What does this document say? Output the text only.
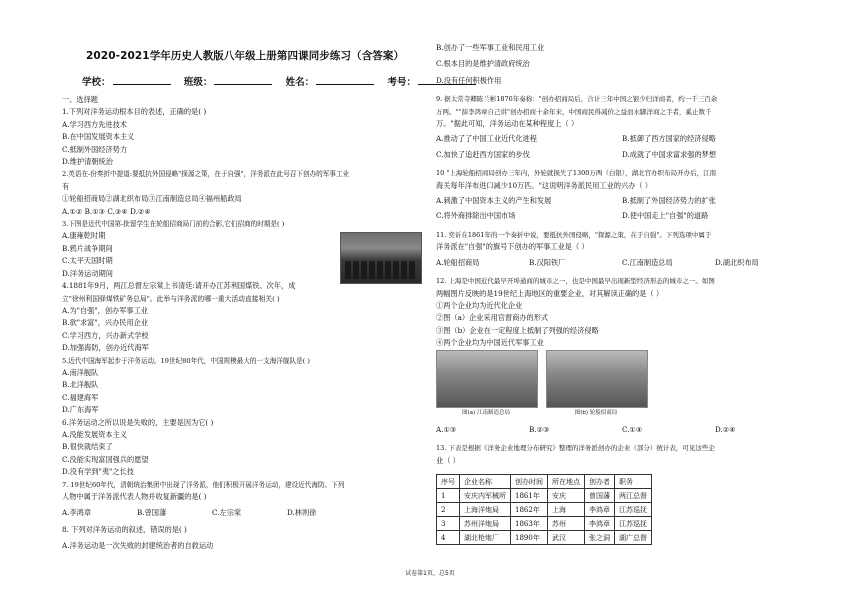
2020-2021学年历史人教版八年级上册第四课同步练习（含答案）
学校：	班级：	姓名：	考号：
一、选择题
1.下列对洋务运动根本目的表述，正确的是( )
A.学习西方先进技术
B.在中国发展资本主义
C.抵制外国经济势力
D.维护清朝统治
2.英语在-份奏折中提道:要抵抗外国侵略"探源之策，在于自强"，洋务派在此号召下创办的军事工业
有
①轮船招商局②湖北织布局③江南制造总局④福州船政局
A.①② B.①③ C.③④ D.②④
3.下图是近代中国第-批留学生在轮船招商局门前的合影,它们招商的时期是( )
A.康雍乾时期
B.鸦片战争期间
C.太平天国时期
D.洋务运动期间
4.1881年9月，两江总督左宗棠上书清廷:请开办江苏利国煤铁、次年，成
立"徐州利国驿煤铁矿务总局"。此举与洋务派的哪一重大活动直接相关( )
A.为"自强"，创办军事工业
B.欲"求富"，兴办民用企业
C.学习西方，兴办新式学校
D.加强海防，创办近代海军
5.近代中国海军起步于洋务运动。19世纪80年代，中国规模最大的一支海洋舰队是( )
A.南洋舰队
B.北洋舰队
C.福建海军
D.广东海军
6.洋务运动之所以说是失败的，主要是因为它( )
A.没能发展资本主义
B.很快就结束了
C.没能实现富国强兵的愿望
D.没有学到"夷"之长技
7. 19世纪60年代，清朝统治集团中出现了洋务派，他们积极开展洋务运动，建设近代海防。下列
人物中属于洋务派代表人物并收复新疆的是( )
A.李鸿章	B.曾国藩	C.左宗棠	D.林则徐
8. 下列对洋务运动的叙述，错误的是( )
A.洋务运动是一次失败的封建统治者的自救运动
B.创办了一些军事工业和民用工业
C.根本目的是维护清政府统治
D.没有任何积极作用
9. 据太常寺卿陈兰彬1876年奏称："创办招商局后，合计三年中国之银少归洋商者，约一千三百余
万两。""薛李鸿章自己讲"创办招商十余年来，中国商民得减价之益而水脚洋商之手者，奚止数千
万。"据此可知，洋务运动在某种程度上（ ）
A.推动了了中国工业近代化进程	B.抵御了西方国家的经济侵略
C.加快了追赶西方国家的步伐	D.成就了中国求富求强的梦想
10 "上海轮船招商局创办三年内，外轮就损失了1300万两（白银），湖北官办织布局开办后，江南
海关每年洋布进口减少10万匹。"这说明洋务派民用工业的兴办（ ）
A.刺激了中国资本主义的产生和发展	B.抵制了外国经济势力的扩张
C.将外商排除出中国市场	D.使中国走上"自强"的道路
11. 奕䜣在1861年的一个奏折中说，要抵抗外国侵略，"探源之策，在于自强"。下列选项中属于
洋务派在"自强"的旗号下创办的军事工业是（ ）
A.轮船招商局	B.汉阳铁厂	C.江南制造总局	D.湖北织布局
12. 上海是中国近代最早开埠通商的城市之一，也是中国最早出现新型经济形态的城市之一。如图
两幅图片反映的是19世纪上海地区的重要企业，对其解读正确的是（ ）
①两个企业均为近代化企业
②图（a）企业采用官督商办的形式
③图（b）企业在一定程度上抵制了列强的经济侵略
④两个企业均为中国近代军事工业
图(a) 江南制造总局	图(b) 轮船招商局
A.①③	B.②③	C.①④	D.②④
13. 下表是根据《洋务企业地理分布研究》整理的洋务派创办的企业（部分）统计表，可见这些企
业（ ）
序号	企业名称	创办时间	所在地点	创办者	职务
1	安庆内军械所	1861年	安庆	曾国藩	两江总督
2	上海洋炮局	1862年	上海	李鸿章	江苏巡抚
3	苏州洋炮局	1863年	苏州	李鸿章	江苏巡抚
4	湖北枪炮厂	1890年	武汉	张之洞	湖广总督
试卷第1页，总5页
